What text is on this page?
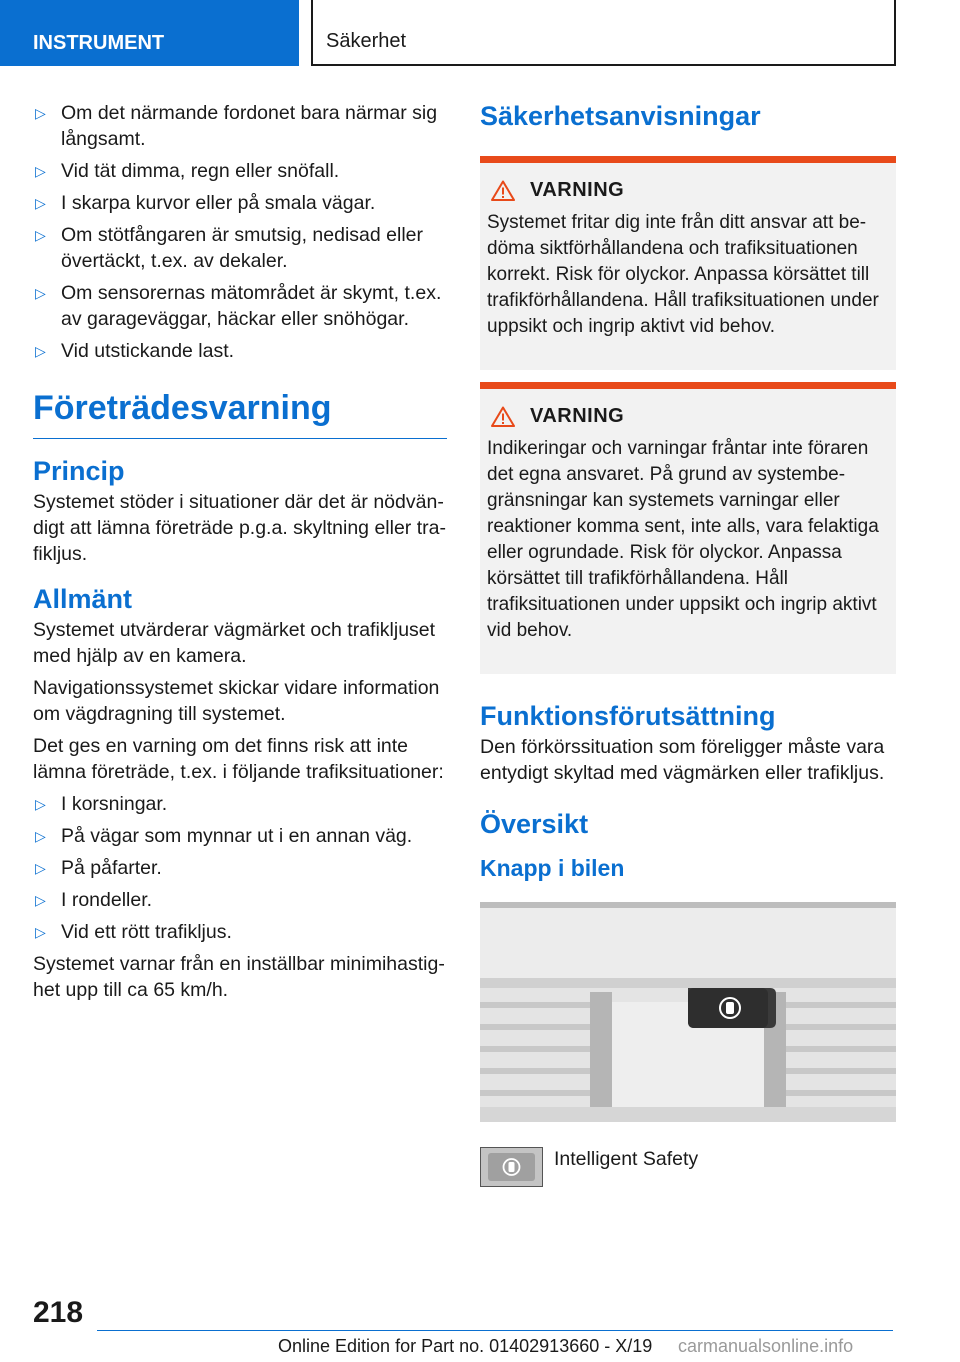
INSTRUMENT	Säkerhet
▷ Om det närmande fordonet bara närmar sig långsamt.
▷ Vid tät dimma, regn eller snöfall.
▷ I skarpa kurvor eller på smala vägar.
▷ Om stötfångaren är smutsig, nedisad eller övertäckt, t.ex. av dekaler.
▷ Om sensorernas mätområdet är skymt, t.ex. av garageväggar, häckar eller snöhögar.
▷ Vid utstickande last.
Företrädesvarning
Princip

Systemet stöder i situationer där det är nödvändigt att lämna företräde p.g.a. skyltning eller trafikljus.

Allmänt

Systemet utvärderar vägmärket och trafikljuset med hjälp av en kamera.

Navigationssystemet skickar vidare information om vägdragning till systemet.

Det ges en varning om det finns risk att inte lämna företräde, t.ex. i följande trafiksituationer:

▷ I korsningar.
▷ På vägar som mynnar ut i en annan väg.
▷ På påfarter.
▷ I rondeller.
▷ Vid ett rött trafikljus.

Systemet varnar från en inställbar minimihastighet upp till ca 65 km/h.

Säkerhetsanvisningar
VARNING

Systemet fritar dig inte från ditt ansvar att bedöma siktförhållandena och trafiksituationen korrekt. Risk för olyckor. Anpassa körsättet till trafikförhållandena. Håll trafiksituationen under uppsikt och ingrip aktivt vid behov.

VARNING

Indikeringar och varningar fråntar inte föraren det egna ansvaret. På grund av systembegränsningar kan systemets varningar eller reaktioner komma sent, inte alls, vara felaktiga eller ogrundade. Risk för olyckor. Anpassa körsättet till trafikförhållandena. Håll trafiksituationen under uppsikt och ingrip aktivt vid behov.

Funktionsförutsättning

Den förkörssituation som föreligger måste vara entydigt skyltad med vägmärken eller trafikljus.

Översikt
Knapp i bilen
Intelligent Safety
218
Online Edition for Part no. 01402913660 - X/19 carmanualsonline.info
